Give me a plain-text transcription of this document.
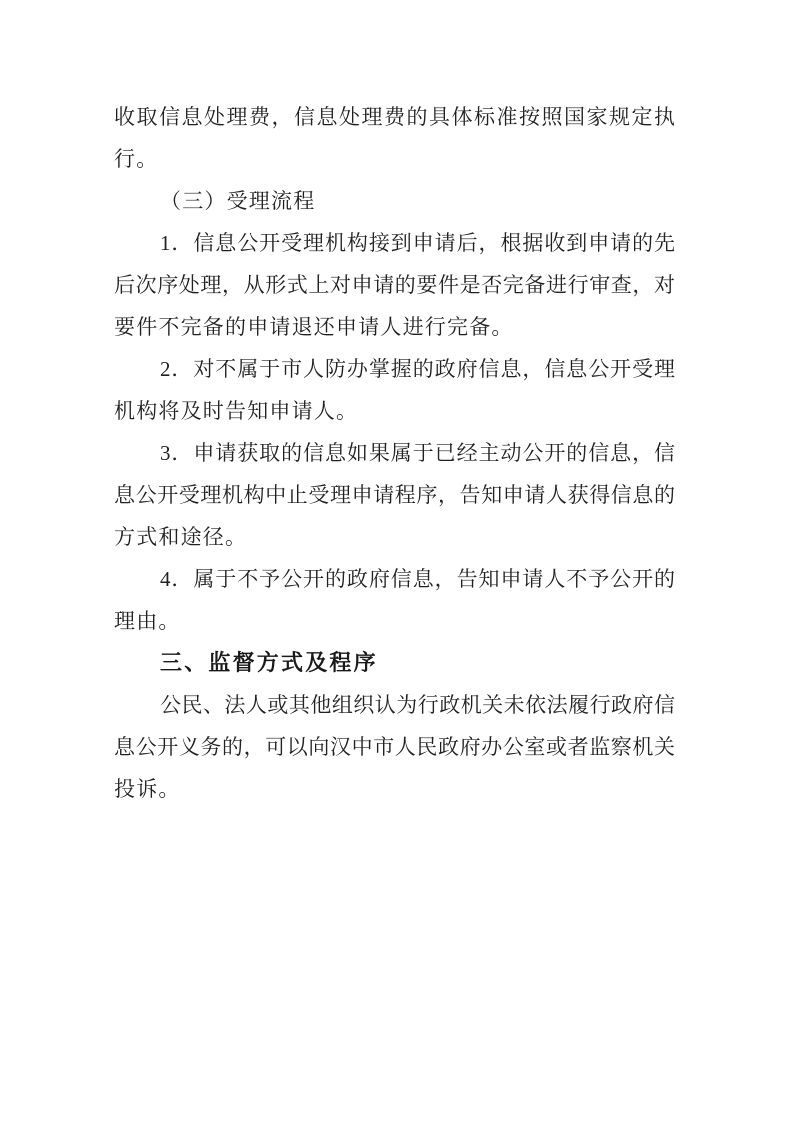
收取信息处理费，信息处理费的具体标准按照国家规定执
行。
（三）受理流程
1．信息公开受理机构接到申请后，根据收到申请的先
后次序处理，从形式上对申请的要件是否完备进行审查，对
要件不完备的申请退还申请人进行完备。
2．对不属于市人防办掌握的政府信息，信息公开受理
机构将及时告知申请人。
3．申请获取的信息如果属于已经主动公开的信息，信
息公开受理机构中止受理申请程序，告知申请人获得信息的
方式和途径。
4．属于不予公开的政府信息，告知申请人不予公开的
理由。
三、监督方式及程序
公民、法人或其他组织认为行政机关未依法履行政府信
息公开义务的，可以向汉中市人民政府办公室或者监察机关
投诉。
